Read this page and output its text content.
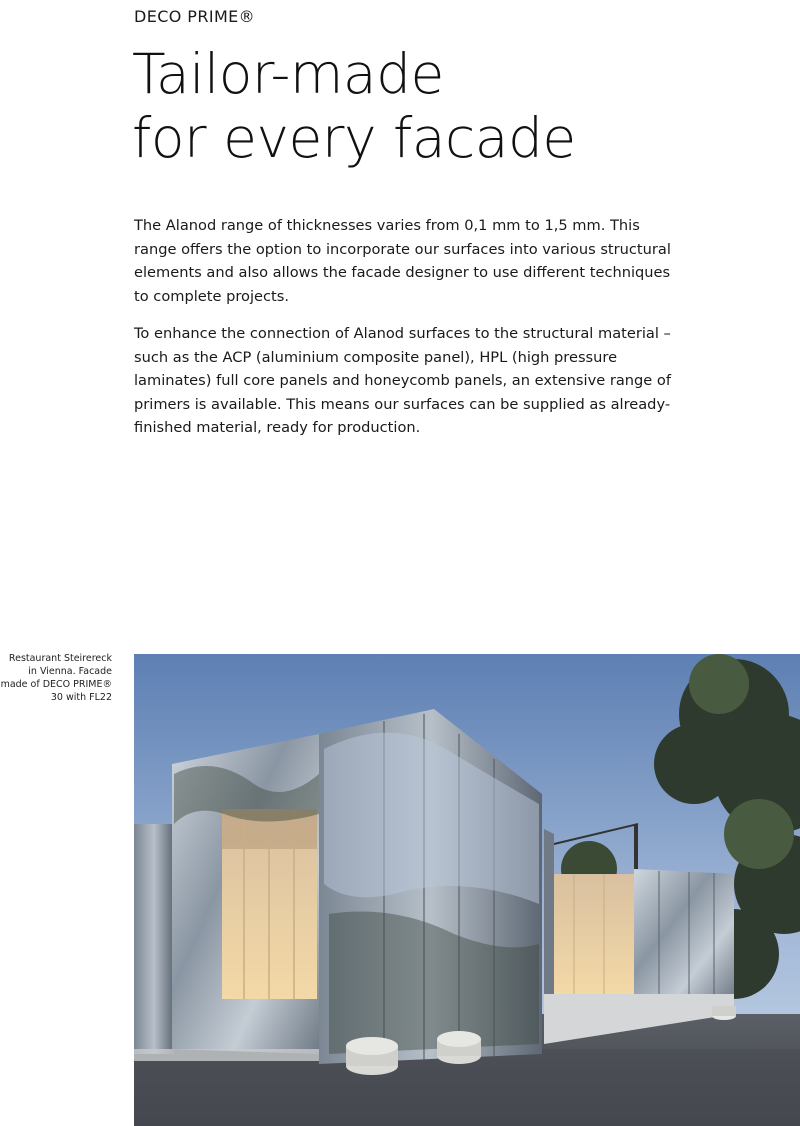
DECO PRIME®
Tailor-made
for every facade

The Alanod range of thicknesses varies from 0,1 mm to 1,5 mm. This range offers the option to incorporate our surfaces into various structural elements and also allows the facade designer to use different techniques to complete projects.

To enhance the connection of Alanod surfaces to the structural material – such as the ACP (aluminium composite panel), HPL (high pressure laminates) full core panels and honeycomb panels, an extensive range of primers is available. This means our surfaces can be supplied as already-finished material, ready for production.

Restaurant Steirereck in Vienna. Facade made of DECO PRIME® 30 with FL22
